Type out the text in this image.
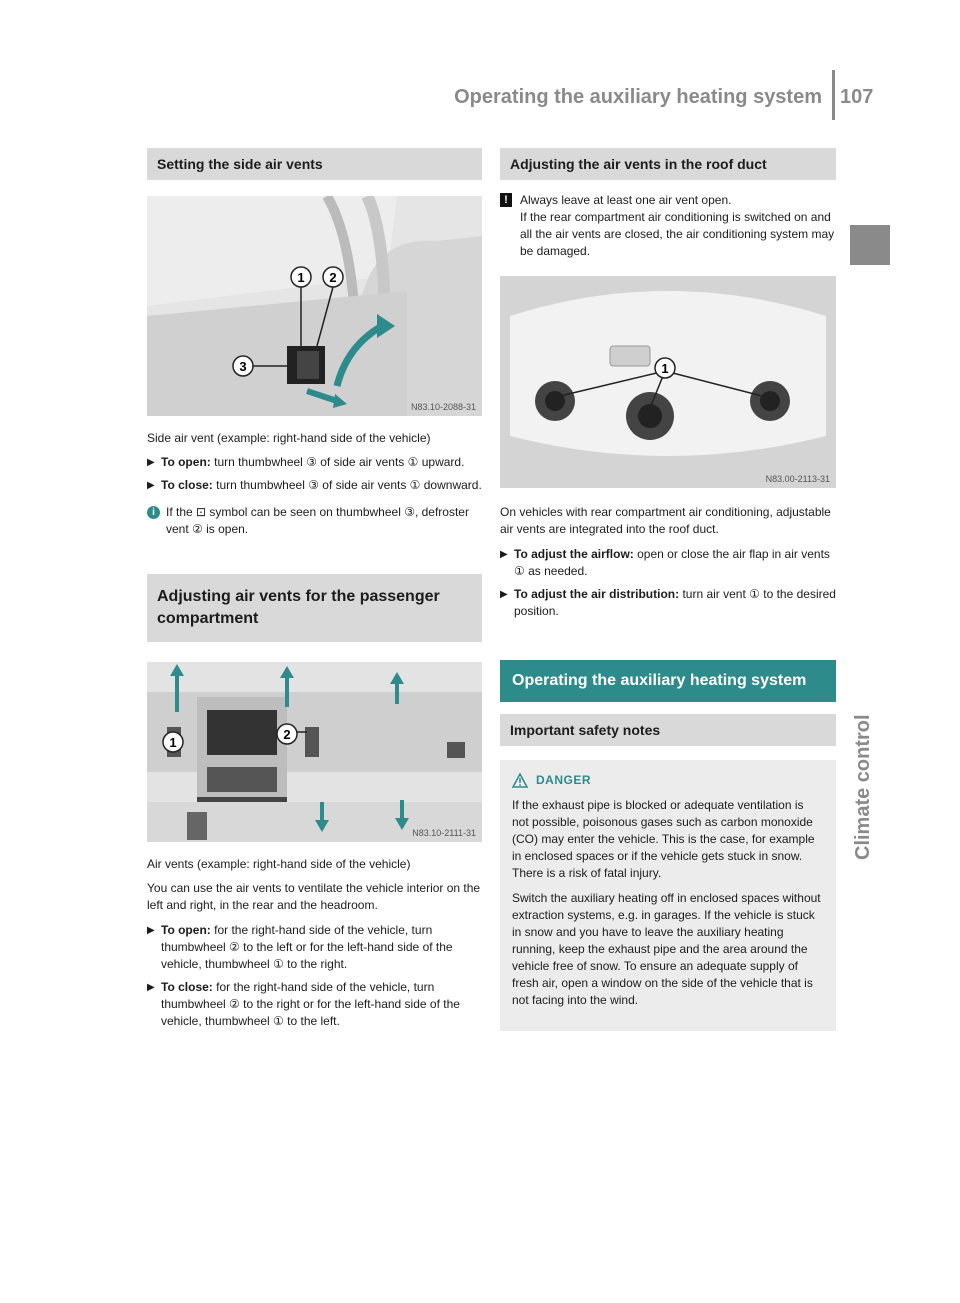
Operating the auxiliary heating system 107
Climate control
Setting the side air vents
1 2
3
N83.10-2088-31
Side air vent (example: right-hand side of the vehicle)
▶ To open: turn thumbwheel ③ of side air vents ① upward.
▶ To close: turn thumbwheel ③ of side air vents ① downward.
i If the ⊡ symbol can be seen on thumbwheel ③, defroster vent ② is open.
Adjusting air vents for the passenger compartment
1
2
N83.10-2111-31
Air vents (example: right-hand side of the vehicle)
You can use the air vents to ventilate the vehicle interior on the left and right, in the rear and the headroom.
▶ To open: for the right-hand side of the vehicle, turn thumbwheel ② to the left or for the left-hand side of the vehicle, thumbwheel ① to the right.
▶ To close: for the right-hand side of the vehicle, turn thumbwheel ② to the right or for the left-hand side of the vehicle, thumbwheel ① to the left.
Adjusting the air vents in the roof duct
!	Always leave at least one air vent open.
If the rear compartment air conditioning is switched on and all the air vents are closed, the air conditioning system may be damaged.
1
N83.00-2113-31
On vehicles with rear compartment air conditioning, adjustable air vents are integrated into the roof duct.
▶ To adjust the airflow: open or close the air flap in air vents ① as needed.
▶ To adjust the air distribution: turn air vent ① to the desired position.
Operating the auxiliary heating system
Important safety notes
DANGER

If the exhaust pipe is blocked or adequate ventilation is not possible, poisonous gases such as carbon monoxide (CO) may enter the vehicle. This is the case, for example in enclosed spaces or if the vehicle gets stuck in snow. There is a risk of fatal injury.

Switch the auxiliary heating off in enclosed spaces without extraction systems, e.g. in garages. If the vehicle is stuck in snow and you have to leave the auxiliary heating running, keep the exhaust pipe and the area around the vehicle free of snow. To ensure an adequate supply of fresh air, open a window on the side of the vehicle that is not facing into the wind.
